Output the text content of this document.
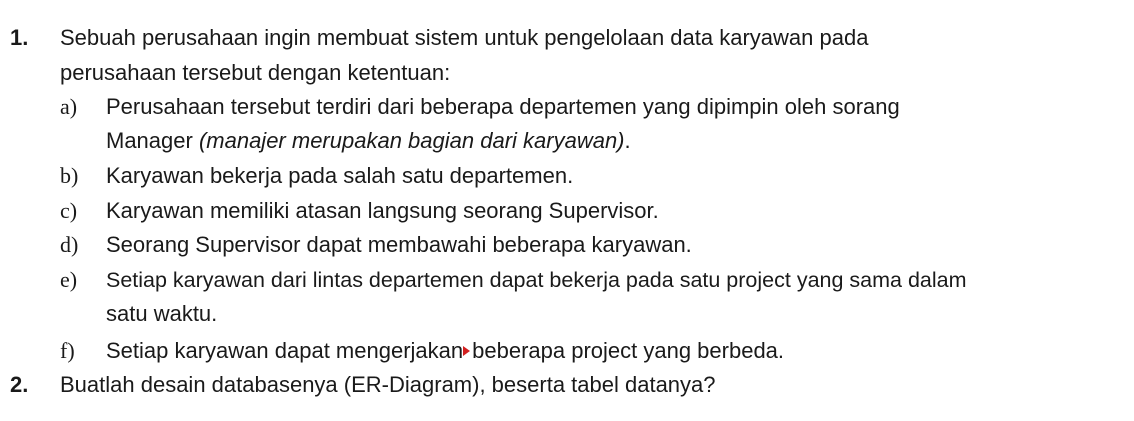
1. Sebuah perusahaan ingin membuat sistem untuk pengelolaan data karyawan pada
perusahaan tersebut dengan ketentuan:
a) Perusahaan tersebut terdiri dari beberapa departemen yang dipimpin oleh sorang
Manager (manajer merupakan bagian dari karyawan).
b) Karyawan bekerja pada salah satu departemen.
c) Karyawan memiliki atasan langsung seorang Supervisor.
d) Seorang Supervisor dapat membawahi beberapa karyawan.
e) Setiap karyawan dari lintas departemen dapat bekerja pada satu project yang sama dalam
satu waktu.
f) Setiap karyawan dapat mengerjakan beberapa project yang berbeda.
2. Buatlah desain databasenya (ER-Diagram), beserta tabel datanya?
